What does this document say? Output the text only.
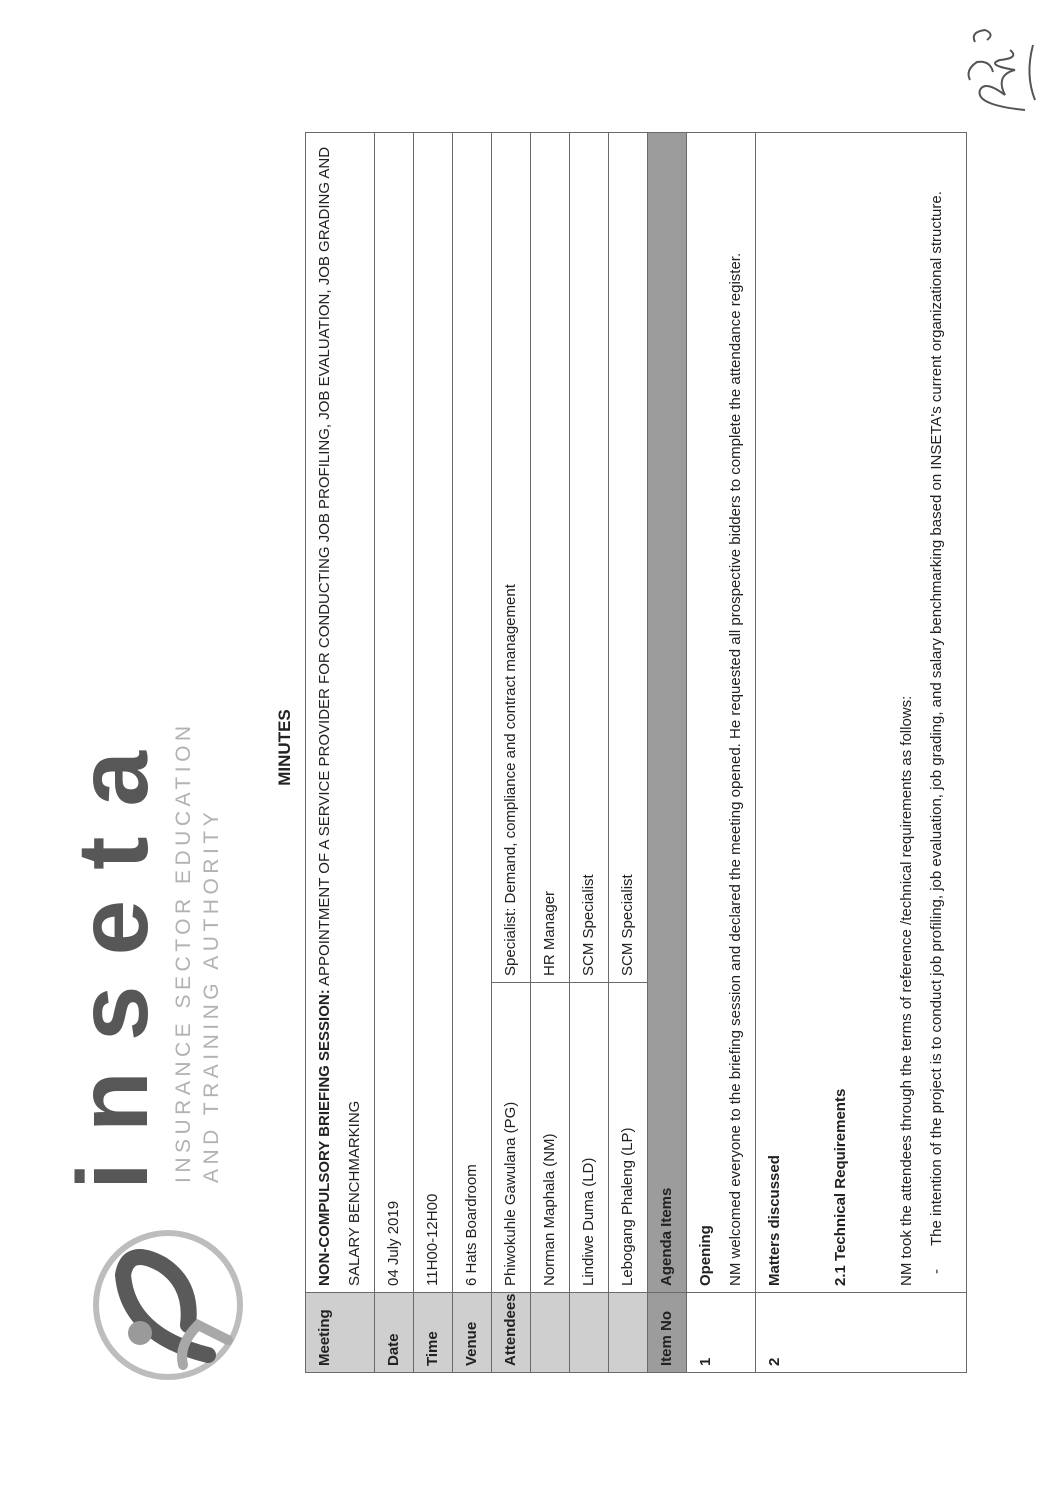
inseta INSURANCE SECTOR EDUCATION AND TRAINING AUTHORITY
MINUTES
Meeting	NON-COMPULSORY BRIEFING SESSION: APPOINTMENT OF A SERVICE PROVIDER FOR CONDUCTING JOB PROFILING, JOB EVALUATION, JOB GRADING AND SALARY BENCHMARKING	
Date	04 July 2019	
Time	11H00-12H00	
Venue	6 Hats Boardroom	
Attendees	Phiwokuhle Gawulana (PG)	Specialist: Demand, compliance and contract management
	Norman Maphala (NM)	HR Manager
	Lindiwe Duma (LD)	SCM Specialist
	Lebogang Phaleng (LP)	SCM Specialist
Item No	Agenda Items	
1	Opening NM welcomed everyone to the briefing session and declared the meeting opened. He requested all prospective bidders to complete the attendance register.	

2	Matters discussed 2.1 Technical Requirements NM took the attendees through the terms of reference /technical requirements as follows: -
The intention of the project is to conduct job profiling, job evaluation, job grading, and salary benchmarking based on INSETA's current organizational structure.	
